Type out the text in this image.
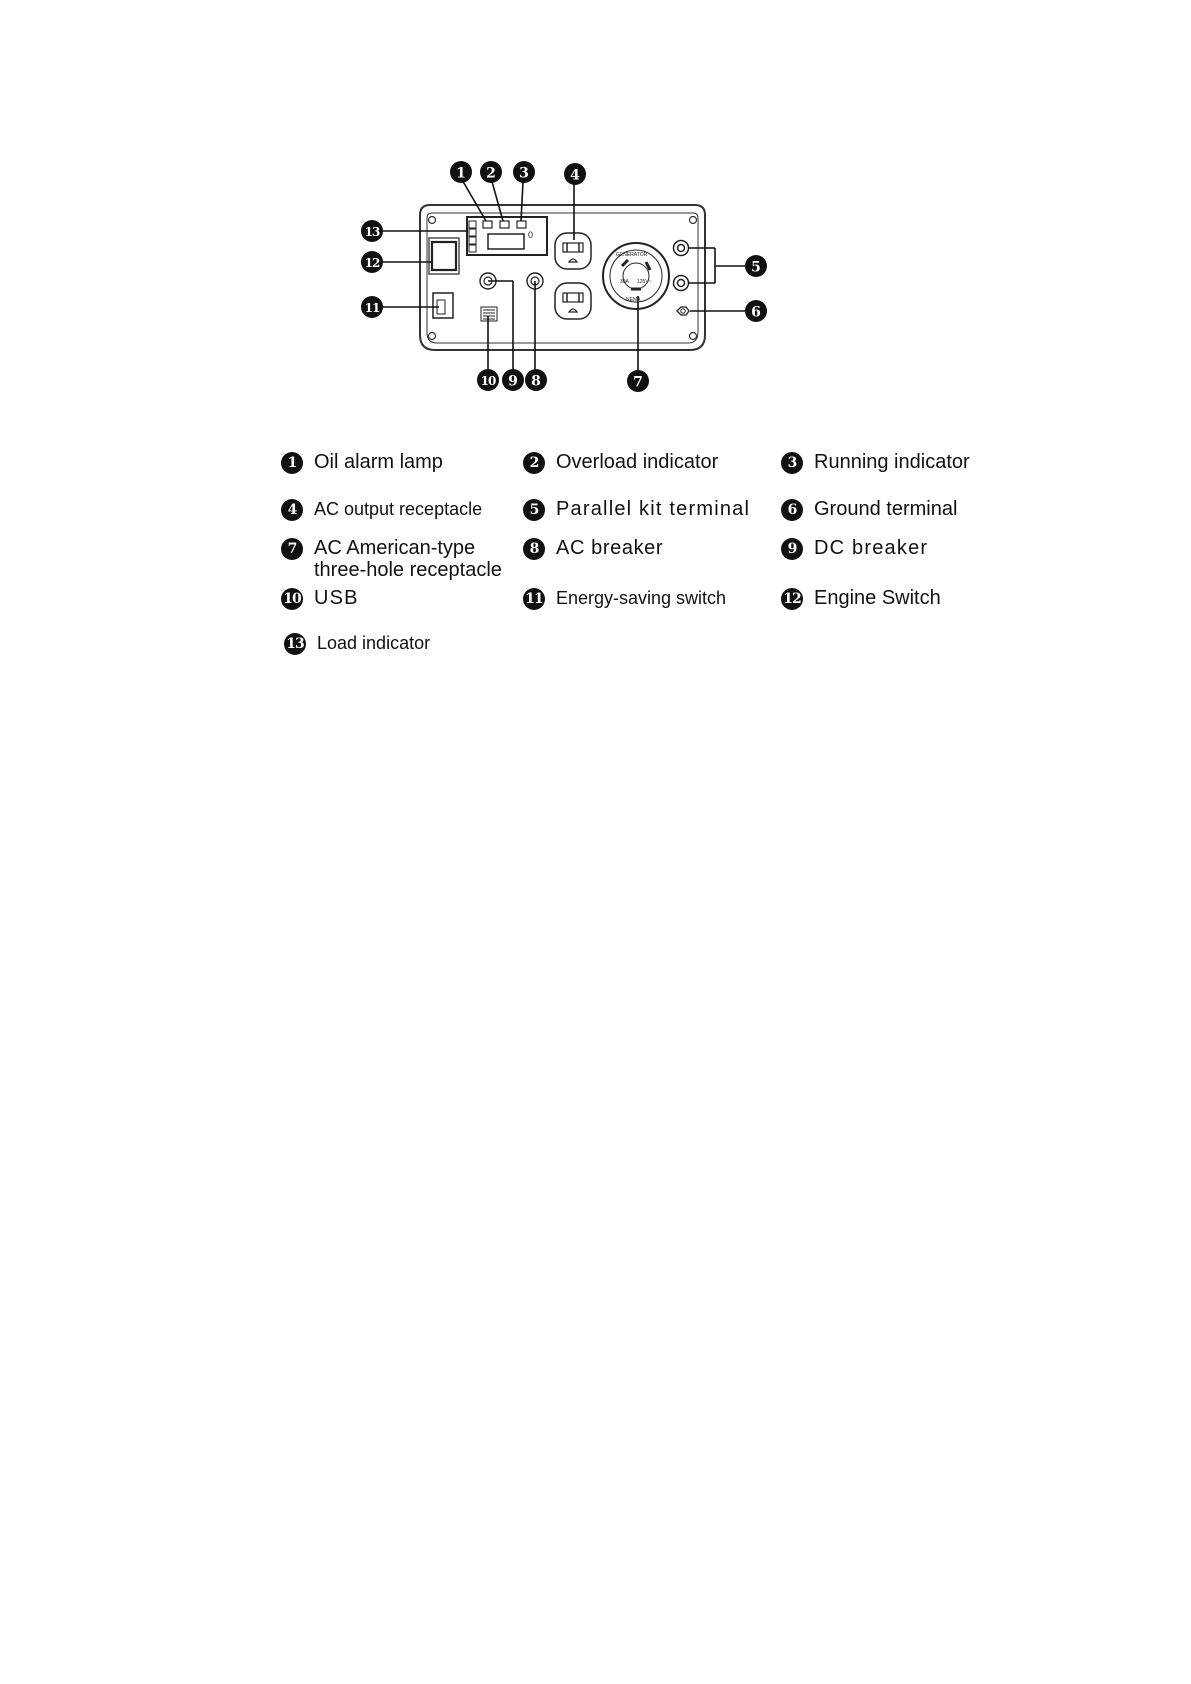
0
GENERATOR
30A 125V~
NEMA
1 2 3	4
5
6
7
8
9
10
11
12
13
1 Oil alarm lamp	2 Overload indicator	3 Running indicator
4 AC output receptacle	5 Parallel kit terminal	6 Ground terminal
7 AC American-type
three-hole receptacle
8 AC breaker	9 DC breaker
10 USB	11 Energy-saving switch	12 Engine Switch
13 Load indicator
